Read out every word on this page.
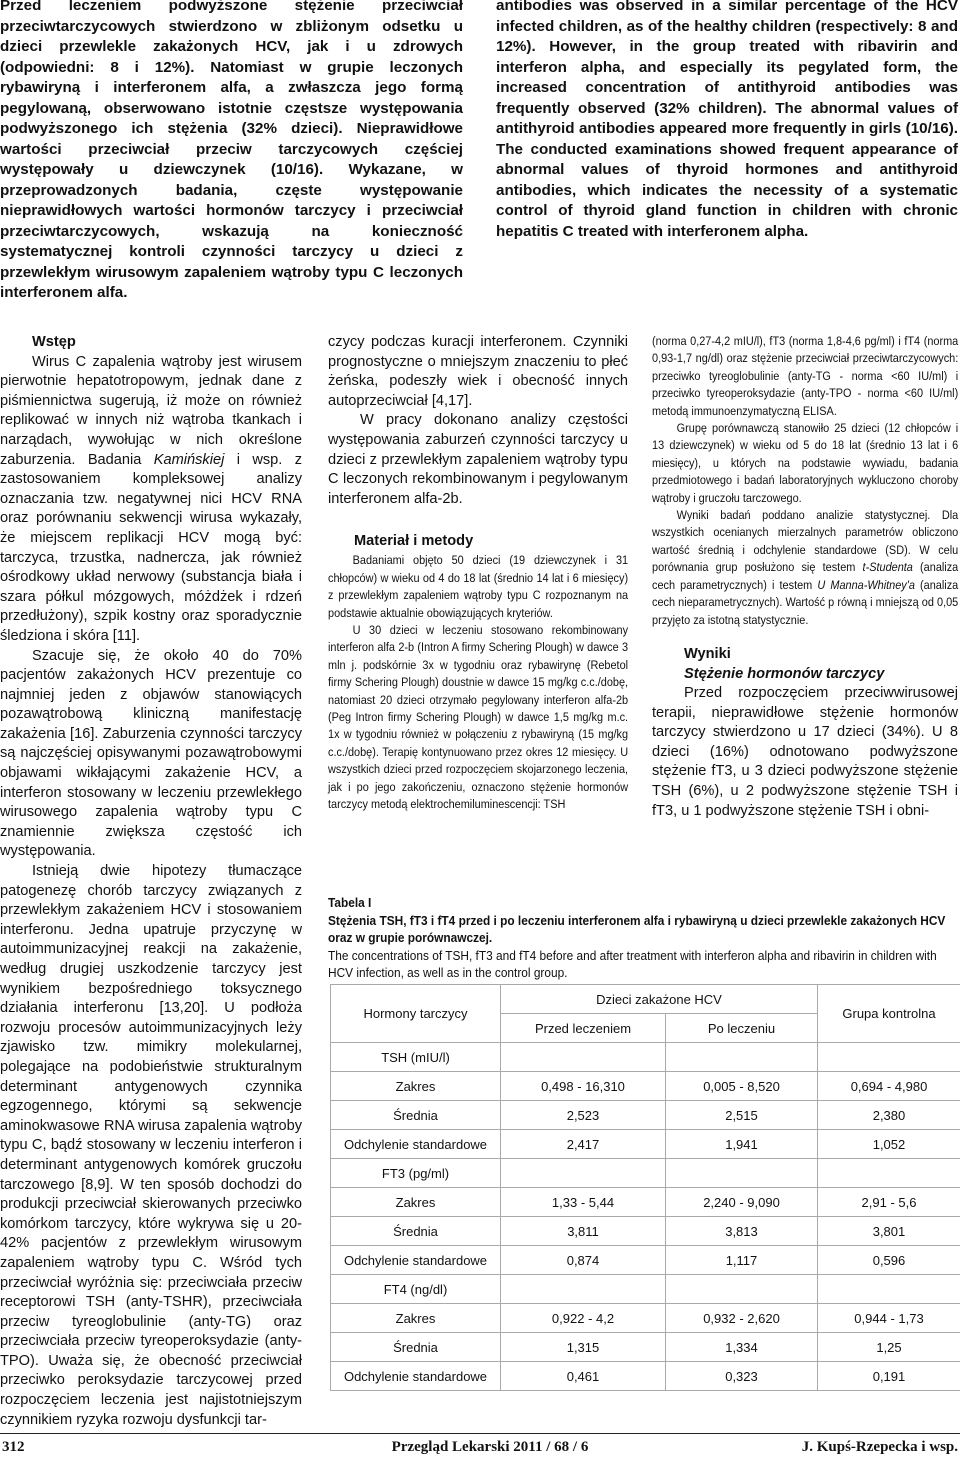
Przed leczeniem podwyższone stężenie przeciwciał przeciwtarczycowych stwierdzono w zbliżonym odsetku u dzieci przewlekle zakażonych HCV, jak i u zdrowych (odpowiedni: 8 i 12%). Natomiast w grupie leczonych rybawiryną i interferonem alfa, a zwłaszcza jego formą pegylowaną, obserwowano istotnie częstsze występowania podwyższonego ich stężenia (32% dzieci). Nieprawidłowe wartości przeciwciał przeciw tarczycowych częściej występowały u dziewczynek (10/16). Wykazane, w przeprowadzonych badania, częste występowanie nieprawidłowych wartości hormonów tarczycy i przeciwciał przeciwtarczycowych, wskazują na konieczność systematycznej kontroli czynności tarczycy u dzieci z przewlekłym wirusowym zapaleniem wątroby typu C leczonych interferonem alfa.
antibodies was observed in a similar percentage of the HCV infected children, as of the healthy children (respectively: 8 and 12%). However, in the group treated with ribavirin and interferon alpha, and especially its pegylated form, the increased concentration of antithyroid antibodies was frequently observed (32% children). The abnormal values of antithyroid antibodies appeared more frequently in girls (10/16). The conducted examinations showed frequent appearance of abnormal values of thyroid hormones and antithyroid antibodies, which indicates the necessity of a systematic control of thyroid gland function in children with chronic hepatitis C treated with interferonem alpha.

Wstęp

Wirus C zapalenia wątroby jest wirusem pierwotnie hepatotropowym, jednak dane z piśmiennictwa sugerują, iż może on również replikować w innych niż wątroba tkankach i narządach, wywołując w nich określone zaburzenia. Badania Kamińskiej i wsp. z zastosowaniem kompleksowej analizy oznaczania tzw. negatywnej nici HCV RNA oraz porównaniu sekwencji wirusa wykazały, że miejscem replikacji HCV mogą być: tarczyca, trzustka, nadnercza, jak również ośrodkowy układ nerwowy (substancja biała i szara półkul mózgowych, móżdżek i rdzeń przedłużony), szpik kostny oraz sporadycznie śledziona i skóra [11].

Szacuje się, że około 40 do 70% pacjentów zakażonych HCV prezentuje co najmniej jeden z objawów stanowiących pozawątrobową kliniczną manifestację zakażenia [16]. Zaburzenia czynności tarczycy są najczęściej opisywanymi pozawątrobowymi objawami wikłającymi zakażenie HCV, a interferon stosowany w leczeniu przewlekłego wirusowego zapalenia wątroby typu C znamiennie zwiększa częstość ich występowania.

Istnieją dwie hipotezy tłumaczące patogenezę chorób tarczycy związanych z przewlekłym zakażeniem HCV i stosowaniem interferonu. Jedna upatruje przyczynę w autoimmunizacyjnej reakcji na zakażenie, według drugiej uszkodzenie tarczycy jest wynikiem bezpośredniego toksycznego działania interferonu [13,20]. U podłoża rozwoju procesów autoimmunizacyjnych leży zjawisko tzw. mimikry molekularnej, polegające na podobieństwie strukturalnym determinant antygenowych czynnika egzogennego, którymi są sekwencje aminokwasowe RNA wirusa zapalenia wątroby typu C, bądź stosowany w leczeniu interferon i determinant antygenowych komórek gruczołu tarczowego [8,9]. W ten sposób dochodzi do produkcji przeciwciał skierowanych przeciwko komórkom tarczycy, które wykrywa się u 20-42% pacjentów z przewlekłym wirusowym zapaleniem wątroby typu C. Wśród tych przeciwciał wyróżnia się: przeciwciała przeciw receptorowi TSH (anty-TSHR), przeciwciała przeciw tyreoglobulinie (anty-TG) oraz przeciwciała przeciw tyreoperoksydazie (anty-TPO). Uważa się, że obecność przeciwciał przeciwko peroksydazie tarczycowej przed rozpoczęciem leczenia jest najistotniejszym czynnikiem ryzyka rozwoju dysfunkcji tar-

czycy podczas kuracji interferonem. Czynniki prognostyczne o mniejszym znaczeniu to płeć żeńska, podeszły wiek i obecność innych autoprzeciwciał [4,17].

W pracy dokonano analizy częstości występowania zaburzeń czynności tarczycy u dzieci z przewlekłym zapaleniem wątroby typu C leczonych rekombinowanym i pegylowanym interferonem alfa-2b.

Materiał i metody

Badaniami objęto 50 dzieci (19 dziewczynek i 31 chłopców) w wieku od 4 do 18 lat (średnio 14 lat i 6 miesięcy) z przewlekłym zapaleniem wątroby typu C rozpoznanym na podstawie aktualnie obowiązujących kryteriów.

U 30 dzieci w leczeniu stosowano rekombinowany interferon alfa 2-b (Intron A firmy Schering Plough) w dawce 3 mln j. podskórnie 3x w tygodniu oraz rybawirynę (Rebetol firmy Schering Plough) doustnie w dawce 15 mg/kg c.c./dobę, natomiast 20 dzieci otrzymało pegylowany interferon alfa-2b (Peg Intron firmy Schering Plough) w dawce 1,5 mg/kg m.c. 1x w tygodniu również w połączeniu z rybawiryną (15 mg/kg c.c./dobę). Terapię kontynuowano przez okres 12 miesięcy. U wszystkich dzieci przed rozpoczęciem skojarzonego leczenia, jak i po jego zakończeniu, oznaczono stężenie hormonów tarczycy metodą elektrochemiluminescencji: TSH

(norma 0,27-4,2 mIU/l), fT3 (norma 1,8-4,6 pg/ml) i fT4 (norma 0,93-1,7 ng/dl) oraz stężenie przeciwciał przeciwtarczycowych: przeciwko tyreoglobulinie (anty-TG - norma <60 IU/ml) i przeciwko tyreoperoksydazie (anty-TPO - norma <60 IU/ml) metodą immunoenzymatyczną ELISA.

Grupę porównawczą stanowiło 25 dzieci (12 chłopców i 13 dziewczynek) w wieku od 5 do 18 lat (średnio 13 lat i 6 miesięcy), u których na podstawie wywiadu, badania przedmiotowego i badań laboratoryjnych wykluczono choroby wątroby i gruczołu tarczowego.

Wyniki badań poddano analizie statystycznej. Dla wszystkich ocenianych mierzalnych parametrów obliczono wartość średnią i odchylenie standardowe (SD). W celu porównania grup posłużono się testem t-Studenta (analiza cech parametrycznych) i testem U Manna-Whitney'a (analiza cech nieparametrycznych). Wartość p równą i mniejszą od 0,05 przyjęto za istotną statystycznie.

Wyniki

Stężenie hormonów tarczycy

Przed rozpoczęciem przeciwwirusowej terapii, nieprawidłowe stężenie hormonów tarczycy stwierdzono u 17 dzieci (34%). U 8 dzieci (16%) odnotowano podwyższone stężenie fT3, u 3 dzieci podwyższone stężenie TSH (6%), u 2 podwyższone stężenie TSH i fT3, u 1 podwyższone stężenie TSH i obni-

Tabela I
Stężenia TSH, fT3 i fT4 przed i po leczeniu interferonem alfa i rybawiryną u dzieci przewlekle zakażonych HCV oraz w grupie porównawczej.
The concentrations of TSH, fT3 and fT4 before and after treatment with interferon alpha and ribavirin in children with HCV infection, as well as in the control group.
Hormony tarczycy	Dzieci zakażone HCV		Grupa kontrolna
	Przed leczeniem	Po leczeniu	
TSH (mIU/l)			
Zakres	0,498 - 16,310	0,005 - 8,520	0,694 - 4,980
Średnia	2,523	2,515	2,380
Odchylenie standardowe	2,417	1,941	1,052
FT3 (pg/ml)			
Zakres	1,33 - 5,44	2,240 - 9,090	2,91 - 5,6
Średnia	3,811	3,813	3,801
Odchylenie standardowe	0,874	1,117	0,596
FT4 (ng/dl)			
Zakres	0,922 - 4,2	0,932 - 2,620	0,944 - 1,73
Średnia	1,315	1,334	1,25
Odchylenie standardowe	0,461	0,323	0,191
312	Przegląd Lekarski 2011 / 68 / 6	J. Kupś-Rzepecka i wsp.
